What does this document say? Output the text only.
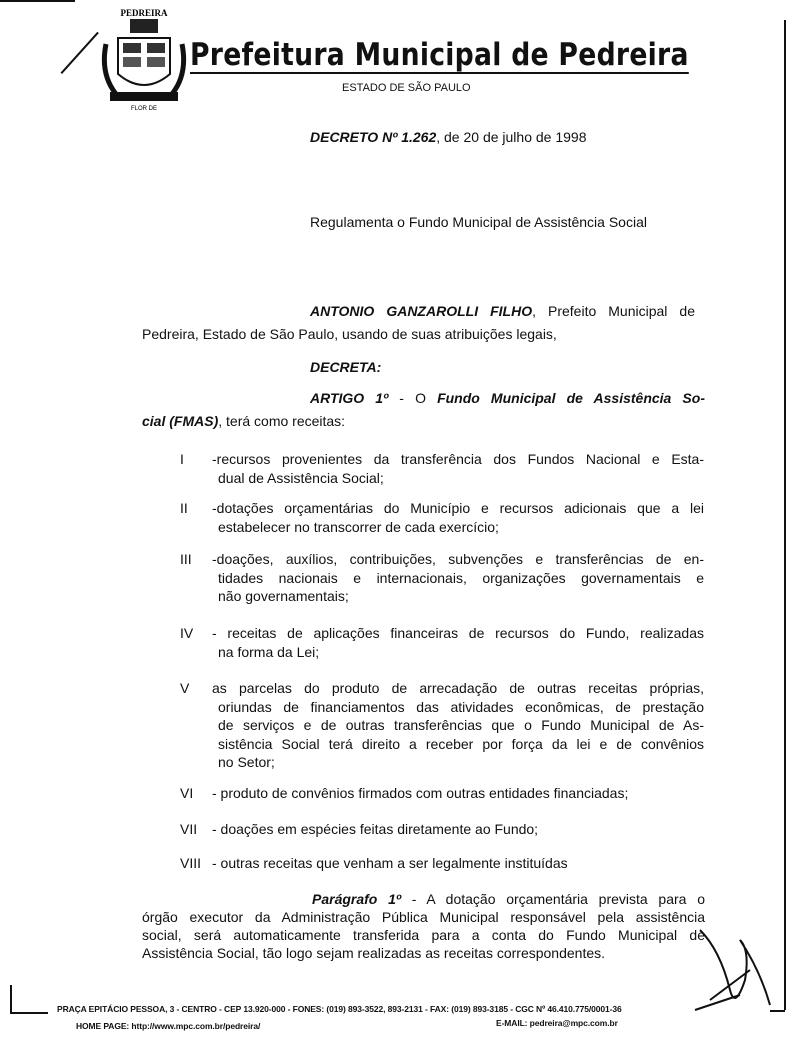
PEDREIRA
FLOR DE
Prefeitura Municipal de Pedreira
ESTADO DE SÃO PAULO
DECRETO Nº 1.262, de 20 de julho de 1998
Regulamenta o Fundo Municipal de Assistência Social
ANTONIO GANZAROLLI FILHO, Prefeito Municipal de
Pedreira, Estado de São Paulo, usando de suas atribuições legais,
DECRETA:
ARTIGO 1º - O Fundo Municipal de Assistência So-
cial (FMAS), terá como receitas:
I -recursos provenientes da transferência dos Fundos Nacional e Esta-
dual de Assistência Social;
II -dotações orçamentárias do Município e recursos adicionais que a lei
estabelecer no transcorrer de cada exercício;
III -doações, auxílios, contribuições, subvenções e transferências de en-
tidades nacionais e internacionais, organizações governamentais e
não governamentais;
IV - receitas de aplicações financeiras de recursos do Fundo, realizadas
na forma da Lei;
V as parcelas do produto de arrecadação de outras receitas próprias,
oriundas de financiamentos das atividades econômicas, de prestação
de serviços e de outras transferências que o Fundo Municipal de As-
sistência Social terá direito a receber por força da lei e de convênios
no Setor;
VI - produto de convênios firmados com outras entidades financiadas;
VII - doações em espécies feitas diretamente ao Fundo;
VIII - outras receitas que venham a ser legalmente instituídas
Parágrafo 1º - A dotação orçamentária prevista para o
órgão executor da Administração Pública Municipal responsável pela assistência
social, será automaticamente transferida para a conta do Fundo Municipal de
Assistência Social, tão logo sejam realizadas as receitas correspondentes.
PRAÇA EPITÁCIO PESSOA, 3 - CENTRO - CEP 13.920-000 - FONES: (019) 893-3522, 893-2131 - FAX: (019) 893-3185 - CGC Nº 46.410.775/0001-36
HOME PAGE: http://www.mpc.com.br/pedreira/	E-MAIL: pedreira@mpc.com.br
